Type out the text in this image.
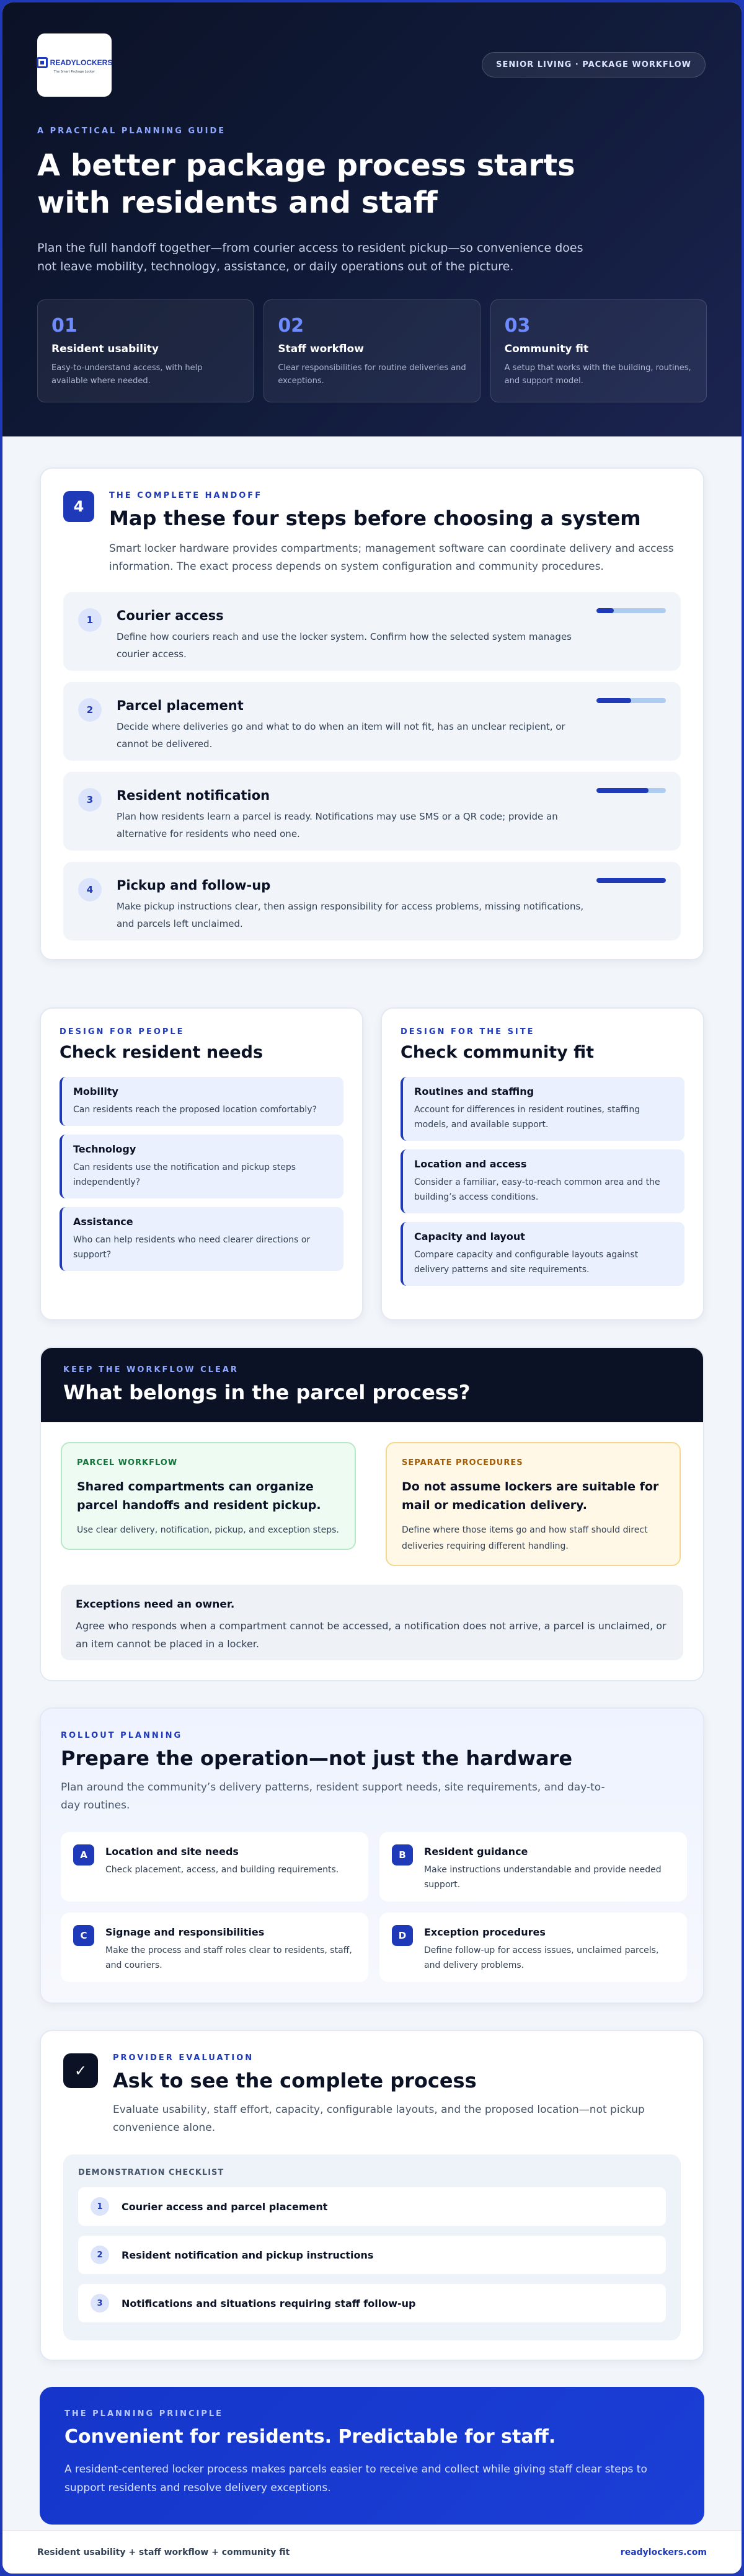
READYLOCKERS
The Smart Package Locker
SENIOR LIVING · PACKAGE WORKFLOW
A PRACTICAL PLANNING GUIDE
A better package process starts with residents and staff

Plan the full handoff together—from courier access to resident pickup—so convenience does not leave mobility, technology, assistance, or daily operations out of the picture.

01
Resident usability
Easy-to-understand access, with help available where needed.
02
Staff workflow
Clear responsibilities for routine deliveries and exceptions.
03
Community fit
A setup that works with the building, routines, and support model.
4
THE COMPLETE HANDOFF
Map these four steps before choosing a system

Smart locker hardware provides compartments; management software can coordinate delivery and access information. The exact process depends on system configuration and community procedures.

1	Courier access
Define how couriers reach and use the locker system. Confirm how the selected system manages courier access.
2	Parcel placement
Decide where deliveries go and what to do when an item will not fit, has an unclear recipient, or cannot be delivered.
3	Resident notification
Plan how residents learn a parcel is ready. Notifications may use SMS or a QR code; provide an alternative for residents who need one.
4	Pickup and follow-up
Make pickup instructions clear, then assign responsibility for access problems, missing notifications, and parcels left unclaimed.
DESIGN FOR PEOPLE
Check resident needs
Mobility
Can residents reach the proposed location comfortably?
Technology
Can residents use the notification and pickup steps independently?
Assistance
Who can help residents who need clearer directions or support?
DESIGN FOR THE SITE
Check community fit
Routines and staffing
Account for differences in resident routines, staffing models, and available support.
Location and access
Consider a familiar, easy-to-reach common area and the building’s access conditions.
Capacity and layout
Compare capacity and configurable layouts against delivery patterns and site requirements.
KEEP THE WORKFLOW CLEAR
What belongs in the parcel process?
PARCEL WORKFLOW
Shared compartments can organize parcel handoffs and resident pickup.
Use clear delivery, notification, pickup, and exception steps.
SEPARATE PROCEDURES
Do not assume lockers are suitable for mail or medication delivery.
Define where those items go and how staff should direct deliveries requiring different handling.
Exceptions need an owner.
Agree who responds when a compartment cannot be accessed, a notification does not arrive, a parcel is unclaimed, or an item cannot be placed in a locker.
ROLLOUT PLANNING
Prepare the operation—not just the hardware

Plan around the community’s delivery patterns, resident support needs, site requirements, and day-to-day routines.

A	Location and site needs
Check placement, access, and building requirements.
B	Resident guidance
Make instructions understandable and provide needed support.
C	Signage and responsibilities
Make the process and staff roles clear to residents, staff, and couriers.
D	Exception procedures
Define follow-up for access issues, unclaimed parcels, and delivery problems.
✓
PROVIDER EVALUATION
Ask to see the complete process

Evaluate usability, staff effort, capacity, configurable layouts, and the proposed location—not pickup convenience alone.

DEMONSTRATION CHECKLIST
1	Courier access and parcel placement
2	Resident notification and pickup instructions
3	Notifications and situations requiring staff follow-up
THE PLANNING PRINCIPLE
Convenient for residents. Predictable for staff.

A resident-centered locker process makes parcels easier to receive and collect while giving staff clear steps to support residents and resolve delivery exceptions.

Resident usability + staff workflow + community fit	readylockers.com
